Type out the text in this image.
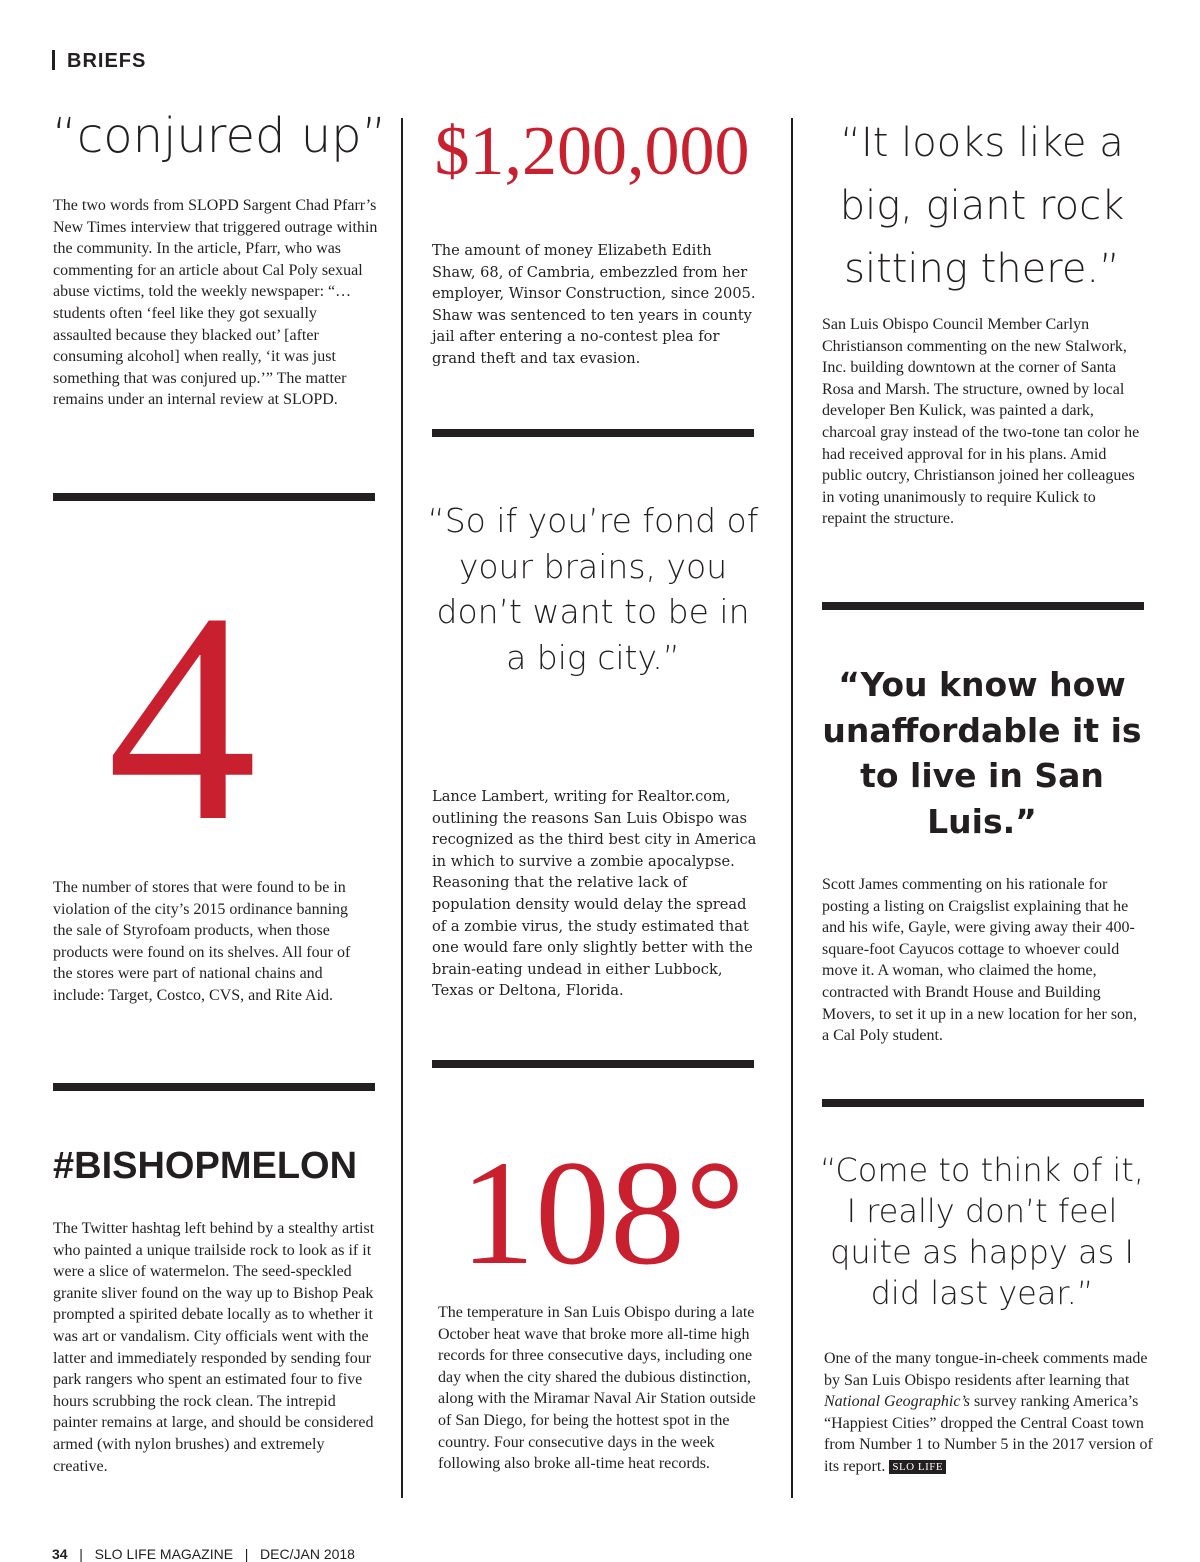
BRIEFS
“conjured up”

The two words from SLOPD Sargent Chad Pfarr’s New Times interview that triggered outrage within the community. In the article, Pfarr, who was commenting for an article about Cal Poly sexual abuse victims, told the weekly newspaper: “… students often ‘feel like they got sexually assaulted because they blacked out’ [after consuming alcohol] when really, ‘it was just something that was conjured up.’” The matter remains under an internal review at SLOPD.

4

The number of stores that were found to be in violation of the city’s 2015 ordinance banning the sale of Styrofoam products, when those products were found on its shelves. All four of the stores were part of national chains and include: Target, Costco, CVS, and Rite Aid.

#BISHOPMELON

The Twitter hashtag left behind by a stealthy artist who painted a unique trailside rock to look as if it were a slice of watermelon. The seed-speckled granite sliver found on the way up to Bishop Peak prompted a spirited debate locally as to whether it was art or vandalism. City officials went with the latter and immediately responded by sending four park rangers who spent an estimated four to five hours scrubbing the rock clean. The intrepid painter remains at large, and should be considered armed (with nylon brushes) and extremely creative.

$1,200,000

The amount of money Elizabeth Edith Shaw, 68, of Cambria, embezzled from her employer, Winsor Construction, since 2005. Shaw was sentenced to ten years in county jail after entering a no-contest plea for grand theft and tax evasion.

“So if you’re fond of your brains, you don’t want to be in a big city.”

Lance Lambert, writing for Realtor.com, outlining the reasons San Luis Obispo was recognized as the third best city in America in which to survive a zombie apocalypse. Reasoning that the relative lack of population density would delay the spread of a zombie virus, the study estimated that one would fare only slightly better with the brain-eating undead in either Lubbock, Texas or Deltona, Florida.

108°

The temperature in San Luis Obispo during a late October heat wave that broke more all-time high records for three consecutive days, including one day when the city shared the dubious distinction, along with the Miramar Naval Air Station outside of San Diego, for being the hottest spot in the country. Four consecutive days in the week following also broke all-time heat records.

“It looks like a big, giant rock sitting there.”

San Luis Obispo Council Member Carlyn Christianson commenting on the new Stalwork, Inc. building downtown at the corner of Santa Rosa and Marsh. The structure, owned by local developer Ben Kulick, was painted a dark, charcoal gray instead of the two-tone tan color he had received approval for in his plans. Amid public outcry, Christianson joined her colleagues in voting unanimously to require Kulick to repaint the structure.

“You know how unaffordable it is to live in San Luis.”

Scott James commenting on his rationale for posting a listing on Craigslist explaining that he and his wife, Gayle, were giving away their 400-square-foot Cayucos cottage to whoever could move it. A woman, who claimed the home, contracted with Brandt House and Building Movers, to set it up in a new location for her son, a Cal Poly student.

“Come to think of it, I really don’t feel quite as happy as I did last year.”

One of the many tongue-in-cheek comments made by San Luis Obispo residents after learning that National Geographic’s survey ranking America’s “Happiest Cities” dropped the Central Coast town from Number 1 to Number 5 in the 2017 version of its report. SLO LIFE

34   |   SLO LIFE MAGAZINE   |   DEC/JAN 2018
